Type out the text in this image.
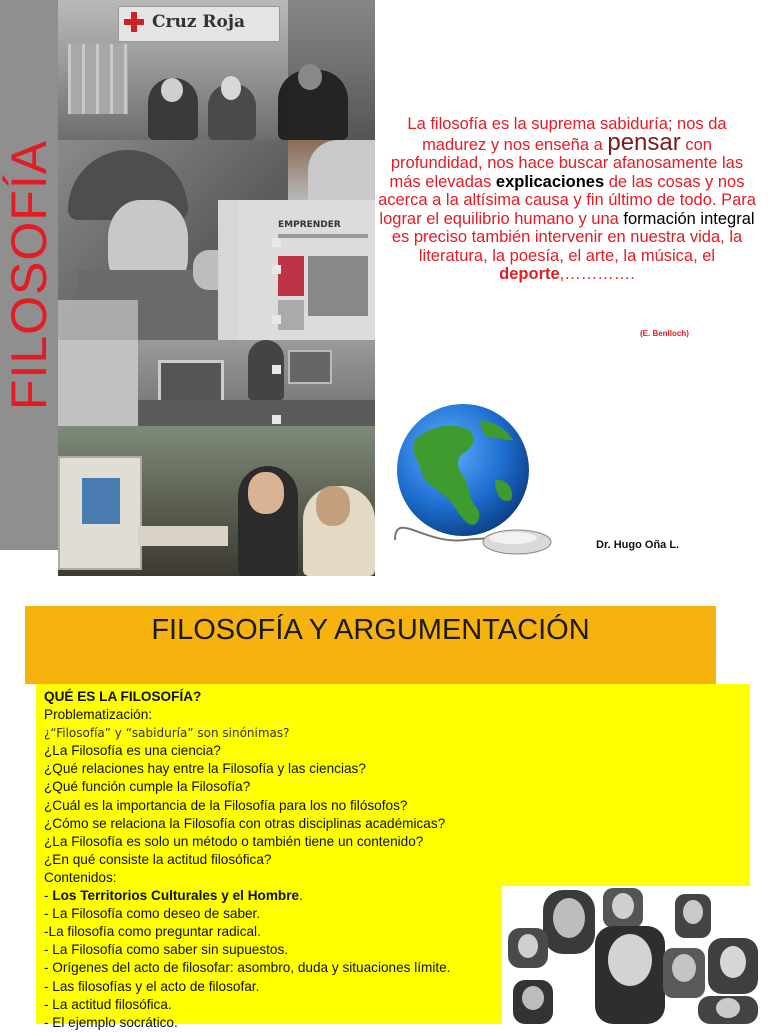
FILOSOFÍA
Cruz Roja
EMPRENDER
La filosofía es la suprema sabiduría; nos da madurez y nos enseña a pensar con profundidad, nos hace buscar afanosamente las más elevadas explicaciones de las cosas y nos acerca a la altísima causa y fin último de todo. Para lograr el equilibrio humano y una formación integral es preciso también intervenir en nuestra vida, la literatura, la poesía, el arte, la música, el deporte,………….
(E. Benlloch)
Dr. Hugo Oña L.
FILOSOFÍA Y ARGUMENTACIÓN
QUÉ ES LA FILOSOFÍA?
Problematización:
¿“Filosofía” y “sabiduría” son sinónimas?
¿La Filosofía es una ciencia?
¿Qué relaciones hay entre la Filosofía y las ciencias?
¿Qué función cumple la Filosofía?
¿Cuál es la importancia de la Filosofía para los no filósofos?
¿Cómo se relaciona la Filosofía con otras disciplinas académicas?
¿La Filosofía es solo un método o también tiene un contenido?
¿En qué consiste la actitud filosófica?
Contenidos:
- Los Territorios Culturales y el Hombre.
- La Filosofía como deseo de saber.
-La filosofía como preguntar radical.
- La Filosofía como saber sin supuestos.
- Orígenes del acto de filosofar: asombro, duda y situaciones límite.
- Las filosofías y el acto de filosofar.
- La actitud filosófica.
- El ejemplo socrático.
